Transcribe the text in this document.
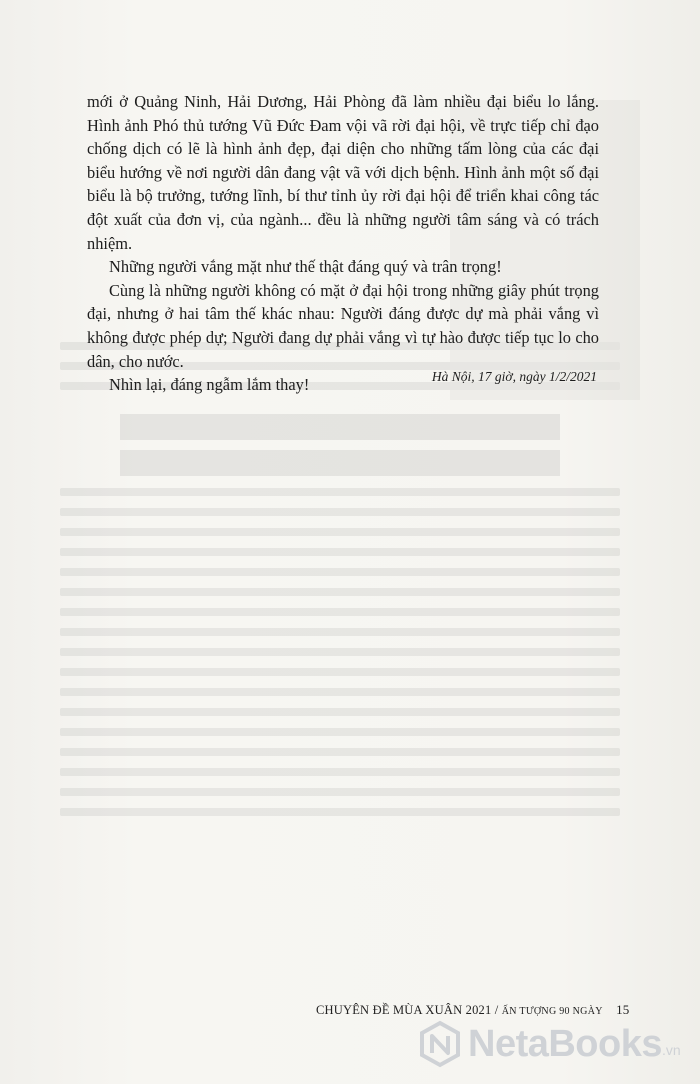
mới ở Quảng Ninh, Hải Dương, Hải Phòng đã làm nhiều đại biểu lo lắng. Hình ảnh Phó thủ tướng Vũ Đức Đam vội vã rời đại hội, về trực tiếp chỉ đạo chống dịch có lẽ là hình ảnh đẹp, đại diện cho những tấm lòng của các đại biểu hướng về nơi người dân đang vật vã với dịch bệnh. Hình ảnh một số đại biểu là bộ trưởng, tướng lĩnh, bí thư tỉnh ủy rời đại hội để triển khai công tác đột xuất của đơn vị, của ngành... đều là những người tâm sáng và có trách nhiệm.

Những người vắng mặt như thế thật đáng quý và trân trọng!

Cùng là những người không có mặt ở đại hội trong những giây phút trọng đại, nhưng ở hai tâm thế khác nhau: Người đáng được dự mà phải vắng vì không được phép dự; Người đang dự phải vắng vì tự hào được tiếp tục lo cho dân, cho nước.

Nhìn lại, đáng ngẫm lắm thay!	Hà Nội, 17 giờ, ngày 1/2/2021
CHUYÊN ĐỀ MÙA XUÂN 2021 / ẤN TƯỢNG 90 NGÀY 15
NetaBooks .vn
